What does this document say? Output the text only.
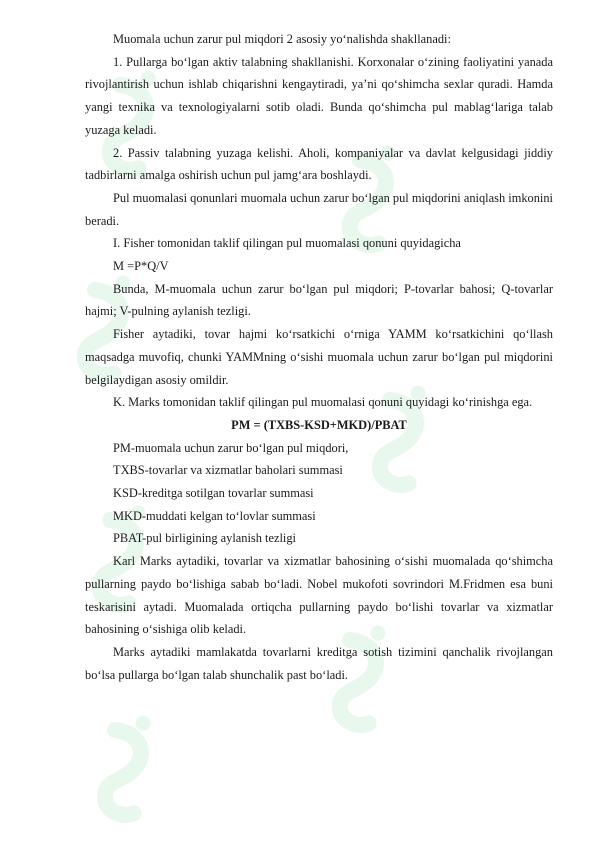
Muomala uchun zarur pul miqdori 2 asosiy yo‘nalishda shakllanadi:

1. Pullarga bo‘lgan aktiv talabning shakllanishi. Korxonalar o‘zining faoliyatini yanada rivojlantirish uchun ishlab chiqarishni kengaytiradi, ya’ni qo‘shimcha sexlar quradi. Hamda yangi texnika va texnologiyalarni sotib oladi. Bunda qo‘shimcha pul mablag‘lariga talab yuzaga keladi.

2. Passiv talabning yuzaga kelishi. Aholi, kompaniyalar va davlat kelgusidagi jiddiy tadbirlarni amalga oshirish uchun pul jamg‘ara boshlaydi.

Pul muomalasi qonunlari muomala uchun zarur bo‘lgan pul miqdorini aniqlash imkonini beradi.

I. Fisher tomonidan taklif qilingan pul muomalasi qonuni quyidagicha

M =P*Q/V

Bunda, M-muomala uchun zarur bo‘lgan pul miqdori; P-tovarlar bahosi; Q-tovarlar hajmi; V-pulning aylanish tezligi.

Fisher aytadiki, tovar hajmi ko‘rsatkichi o‘rniga YAMM ko‘rsatkichini qo‘llash maqsadga muvofiq, chunki YAMMning o‘sishi muomala uchun zarur bo‘lgan pul miqdorini belgilaydigan asosiy omildir.

K. Marks tomonidan taklif qilingan pul muomalasi qonuni quyidagi ko‘rinishga ega.

PM = (TXBS-KSD+MKD)/PBAT

PM-muomala uchun zarur bo‘lgan pul miqdori,

TXBS-tovarlar va xizmatlar baholari summasi

KSD-kreditga sotilgan tovarlar summasi

MKD-muddati kelgan to‘lovlar summasi

PBAT-pul birligining aylanish tezligi

Karl Marks aytadiki, tovarlar va xizmatlar bahosining o‘sishi muomalada qo‘shimcha pullarning paydo bo‘lishiga sabab bo‘ladi. Nobel mukofoti sovrindori M.Fridmen esa buni teskarisini aytadi. Muomalada ortiqcha pullarning paydo bo‘lishi tovarlar va xizmatlar bahosining o‘sishiga olib keladi.

Marks aytadiki mamlakatda tovarlarni kreditga sotish tizimini qanchalik rivojlangan bo‘lsa pullarga bo‘lgan talab shunchalik past bo‘ladi.
